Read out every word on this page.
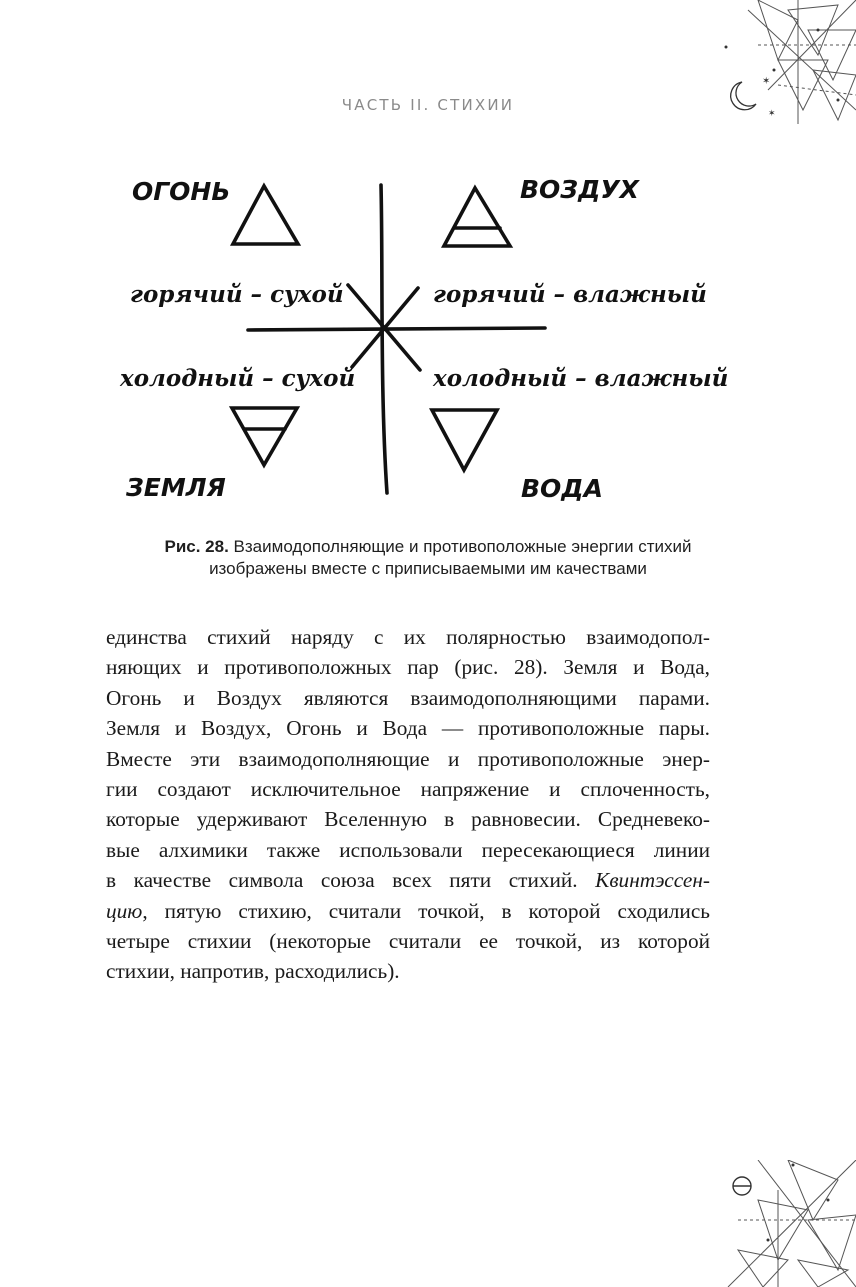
ЧАСТЬ II. СТИХИИ
✶
✶
ОГОНЬ	ВОЗДУХ
ЗЕМЛЯ	ВОДА
горячий – сухой	горячий – влажный
холодный – сухой	холодный – влажный
Рис. 28. Взаимодополняющие и противоположные энергии стихий
изображены вместе с приписываемыми им качествами
единства стихий наряду с их полярностью взаимодопол-
няющих и противоположных пар (рис. 28). Земля и Вода,
Огонь и Воздух являются взаимодополняющими парами.
Земля и Воздух, Огонь и Вода — противоположные пары.
Вместе эти взаимодополняющие и противоположные энер-
гии создают исключительное напряжение и сплоченность,
которые удерживают Вселенную в равновесии. Средневеко-
вые алхимики также использовали пересекающиеся линии
в качестве символа союза всех пяти стихий. Квинтэссен-
цию, пятую стихию, считали точкой, в которой сходились
четыре стихии (некоторые считали ее точкой, из которой
стихии, напротив, расходились).
